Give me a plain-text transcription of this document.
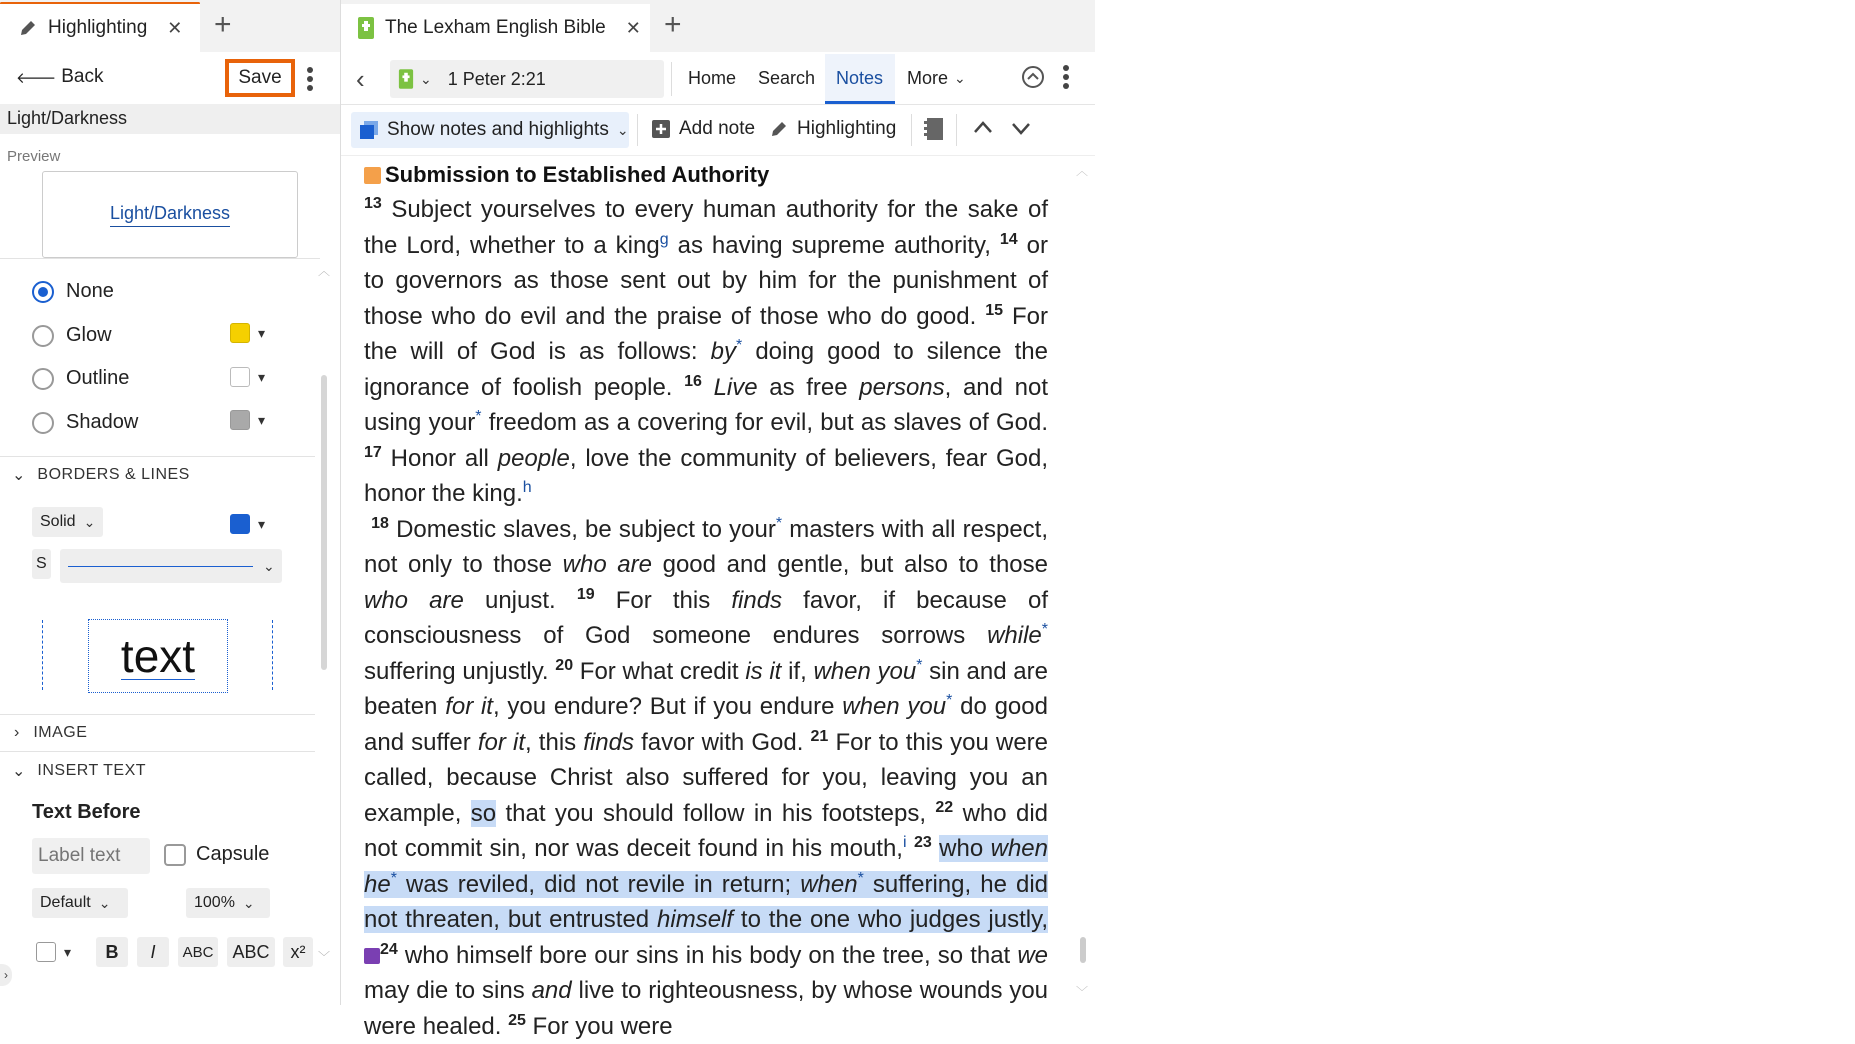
Highlighting ✕ +
🡐 Back	Save
Light/Darkness
Preview
Light/Darkness
None
Glow
Outline
Shadow
▾
▾
▾
︿
⌄ BORDERS & LINES
Solid ⌄	▾
S	⌄
text
› IMAGE
⌄ INSERT TEXT
Text Before
Label text
Capsule
Default ⌄	100% ⌄
▾	B	I	ABC	ABC	x²	﹀
›
The Lexham English Bible ✕ +
‹	⌄ 1 Peter 2:21	Home Search Notes More ⌄
Show notes and highlights ⌄	Add note Highlighting
︿
﹀
Submission to Established Authority
$^{13}$ Subject yourselves to every human authority for the sake of the Lord, whether to a king$^g$ as having supreme authority, $^{14}$ or to governors as those sent out by him for the punishment of those who do evil and the praise of those who do good. $^{15}$ For the will of God is as follows: by* doing good to silence the ignorance of foolish people. $^{16}$ Live as free persons, and not using your* freedom as a covering for evil, but as slaves of God. $^{17}$ Honor all people, love the community of believers, fear God, honor the king.$^h$
$^{18}$ Domestic slaves, be subject to your* masters with all respect, not only to those who are good and gentle, but also to those who are unjust. $^{19}$ For this finds favor, if because of consciousness of God someone endures sorrows while* suffering unjustly. $^{20}$ For what credit is it if, when you* sin and are beaten for it, you endure? But if you endure when you* do good and suffer for it, this finds favor with God. $^{21}$ For to this you were called, because Christ also suffered for you, leaving you an example, so that you should follow in his footsteps, $^{22}$ who did not commit sin, nor was deceit found in his mouth,$^i$ $^{23}$ who when he* was reviled, did not revile in return; when* suffering, he did not threaten, but entrusted himself to the one who judges justly, $^{24}$ who himself bore our sins in his body on the tree, so that we may die to sins and live to righteousness, by whose wounds you were healed. $^{25}$ For you were
